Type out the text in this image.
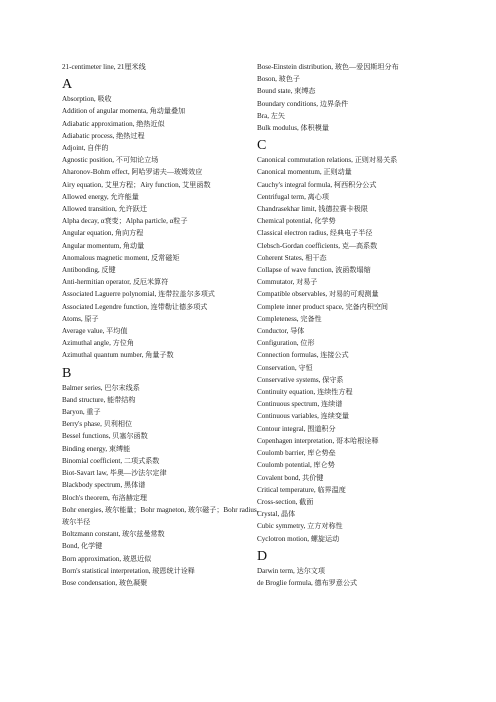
21-centimeter line, 21厘米线
A
Absorption, 吸收
Addition of angular momenta, 角动量叠加
Adiabatic approximation, 绝热近似
Adiabatic process, 绝热过程
Adjoint, 自伴的
Agnostic position, 不可知论立场
Aharonov-Bohm effect, 阿哈罗诺夫—玻姆效应
Airy equation, 艾里方程；Airy function, 艾里函数
Allowed energy, 允许能量
Allowed transition, 允许跃迁
Alpha decay, α衰变；Alpha particle, α粒子
Angular equation, 角向方程
Angular momentum, 角动量
Anomalous magnetic moment, 反常磁矩
Antibonding, 反键
Anti-hermitian operator, 反厄米算符
Associated Laguerre polynomial, 连带拉盖尔多项式
Associated Legendre function, 连带勒让德多项式
Atoms, 原子
Average value, 平均值
Azimuthal angle, 方位角
Azimuthal quantum number, 角量子数
B
Balmer series, 巴尔末线系
Band structure, 能带结构
Baryon, 重子
Berry's phase, 贝利相位
Bessel functions, 贝塞尔函数
Binding energy, 束缚能
Binomial coefficient, 二项式系数
Biot-Savart law, 毕奥—沙法尔定律
Blackbody spectrum, 黑体谱
Bloch's theorem, 布洛赫定理
Bohr energies, 玻尔能量；Bohr magneton, 玻尔磁子；Bohr radius, 玻尔半径
Boltzmann constant, 玻尔兹曼常数
Bond, 化学键
Born approximation, 玻恩近似
Born's statistical interpretation, 玻恩统计诠释
Bose condensation, 玻色凝聚
Bose-Einstein distribution, 玻色—爱因斯坦分布
Boson, 玻色子
Bound state, 束缚态
Boundary conditions, 边界条件
Bra, 左矢
Bulk modulus, 体积模量
C
Canonical commutation relations, 正则对易关系
Canonical momentum, 正则动量
Cauchy's integral formula, 柯西积分公式
Centrifugal term, 离心项
Chandrasekhar limit, 钱德拉赛卡极限
Chemical potential, 化学势
Classical electron radius, 经典电子半径
Clebsch-Gordan coefficients, 克—高系数
Coherent States, 相干态
Collapse of wave function, 波函数塌缩
Commutator, 对易子
Compatible observables, 对易的可观测量
Complete inner product space, 完备内积空间
Completeness, 完备性
Conductor, 导体
Configuration, 位形
Connection formulas, 连接公式
Conservation, 守恒
Conservative systems, 保守系
Continuity equation, 连续性方程
Continuous spectrum, 连续谱
Continuous variables, 连续变量
Contour integral, 围道积分
Copenhagen interpretation, 哥本哈根诠释
Coulomb barrier, 库仑势垒
Coulomb potential, 库仑势
Covalent bond, 共价键
Critical temperature, 临界温度
Cross-section, 截面
Crystal, 晶体
Cubic symmetry, 立方对称性
Cyclotron motion, 螺旋运动
D
Darwin term, 达尔文项
de Broglie formula, 德布罗意公式
